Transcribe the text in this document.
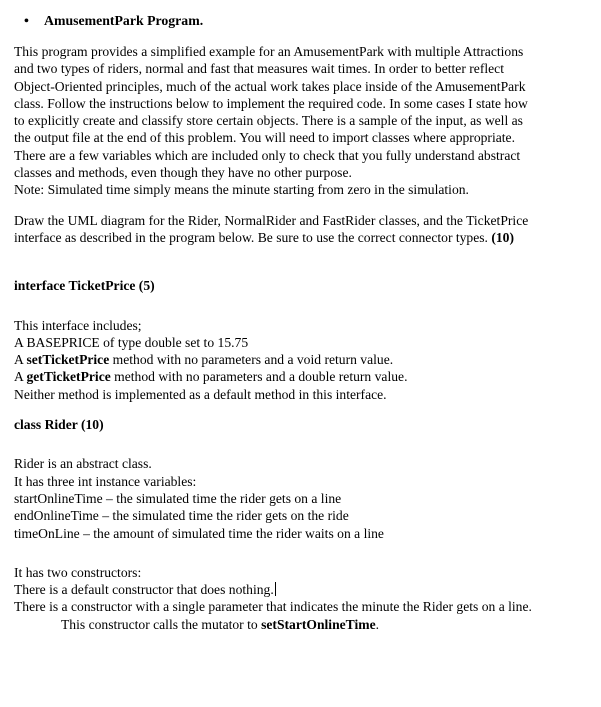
•	AmusementPark Program.

This program provides a simplified example for an AmusementPark with multiple Attractions

and two types of riders, normal and fast that measures wait times. In order to better reflect

Object-Oriented principles, much of the actual work takes place inside of the AmusementPark

class. Follow the instructions below to implement the required code. In some cases I state how

to explicitly create and classify store certain objects. There is a sample of the input, as well as

the output file at the end of this problem. You will need to import classes where appropriate.

There are a few variables which are included only to check that you fully understand abstract

classes and methods, even though they have no other purpose.

Note: Simulated time simply means the minute starting from zero in the simulation.

Draw the UML diagram for the Rider, NormalRider and FastRider classes, and the TicketPrice

interface as described in the program below. Be sure to use the correct connector types. (10)

interface TicketPrice (5)

This interface includes;

A BASEPRICE of type double set to 15.75

A setTicketPrice method with no parameters and a void return value.

A getTicketPrice method with no parameters and a double return value.

Neither method is implemented as a default method in this interface.

class Rider (10)

Rider is an abstract class.

It has three int instance variables:

startOnlineTime – the simulated time the rider gets on a line

endOnlineTime – the simulated time the rider gets on the ride

timeOnLine – the amount of simulated time the rider waits on a line

It has two constructors:

There is a default constructor that does nothing.

There is a constructor with a single parameter that indicates the minute the Rider gets on a line.

This constructor calls the mutator to setStartOnlineTime.
